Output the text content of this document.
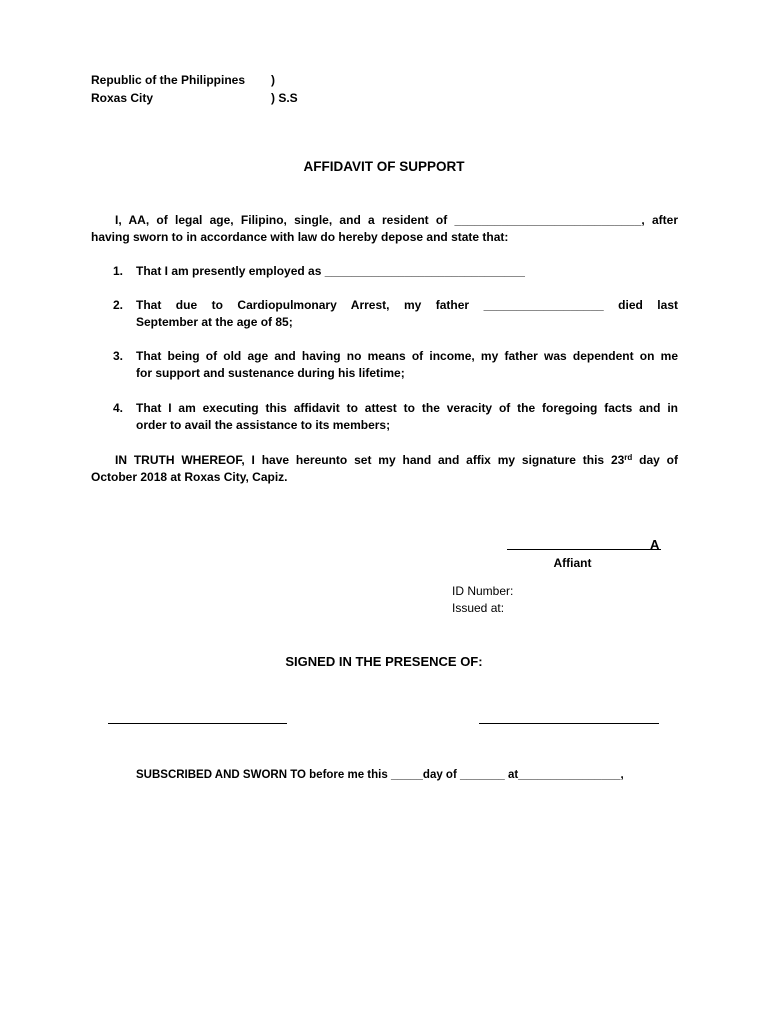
Republic of the Philippines )
Roxas City	) S.S
AFFIDAVIT OF SUPPORT
I, AA, of legal age, Filipino, single, and a resident of ____________________________, after
having sworn to in accordance with law do hereby depose and state that:
1. That I am presently employed as ______________________________
2. That due to Cardiopulmonary Arrest, my father __________________ died last
September at the age of 85;
3. That being of old age and having no means of income, my father was dependent on me
for support and sustenance during his lifetime;
4. That I am executing this affidavit to attest to the veracity of the foregoing facts and in
order to avail the assistance to its members;
IN TRUTH WHEREOF, I have hereunto set my hand and affix my signature this 23rd day of
October 2018 at Roxas City, Capiz.
A
Affiant
ID Number:
Issued at:
SIGNED IN THE PRESENCE OF:
SUBSCRIBED AND SWORN TO before me this _____day of _______ at________________,
